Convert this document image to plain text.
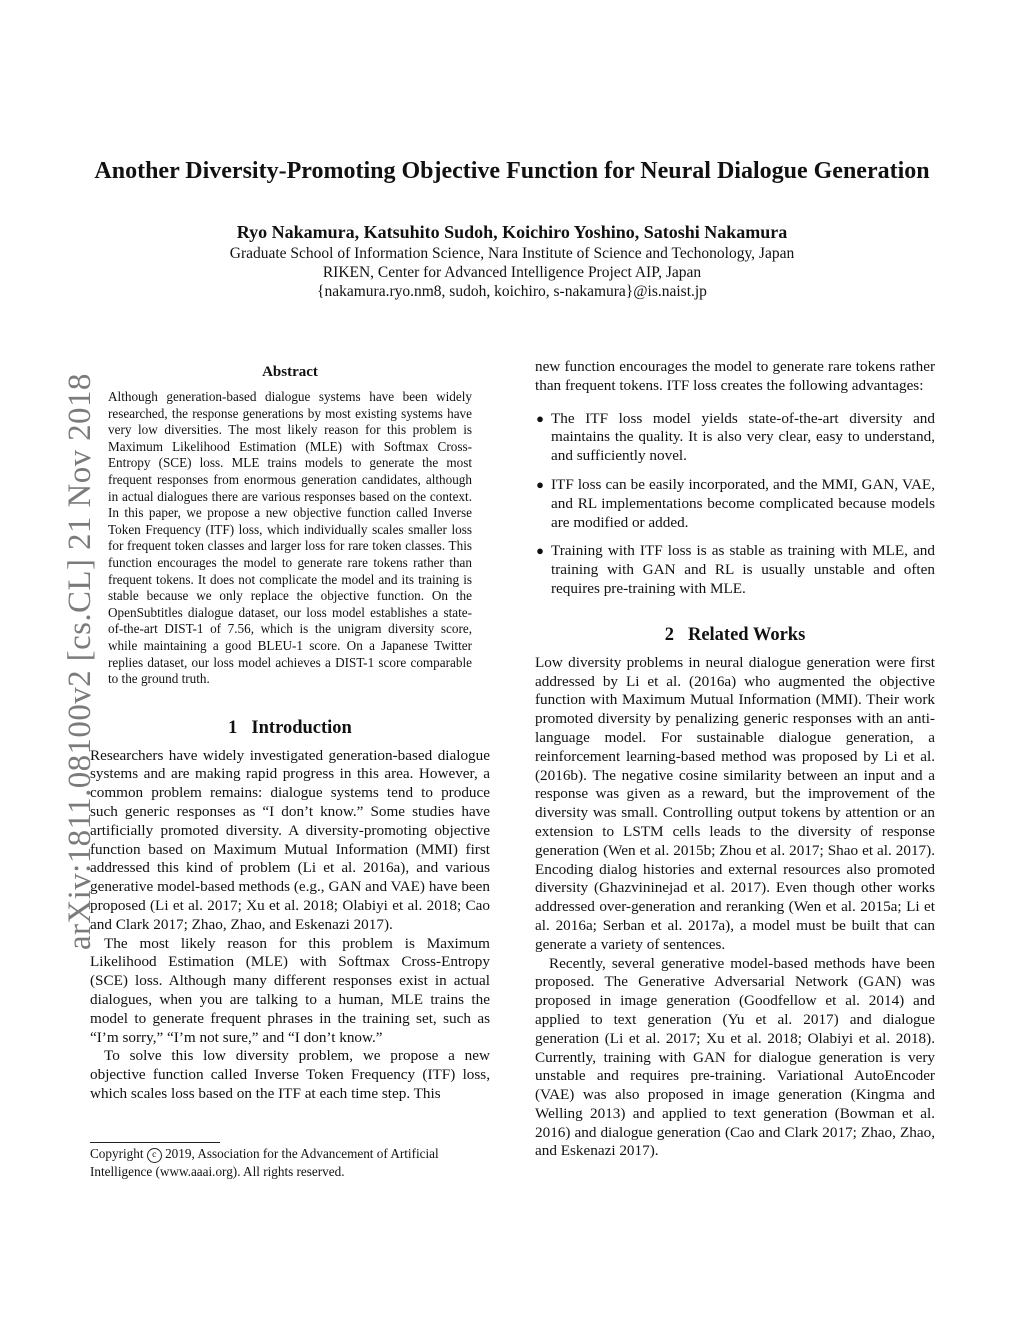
arXiv:1811.08100v2 [cs.CL] 21 Nov 2018
Another Diversity-Promoting Objective Function for Neural Dialogue Generation
Ryo Nakamura, Katsuhito Sudoh, Koichiro Yoshino, Satoshi Nakamura
Graduate School of Information Science, Nara Institute of Science and Techonology, Japan
RIKEN, Center for Advanced Intelligence Project AIP, Japan
{nakamura.ryo.nm8, sudoh, koichiro, s-nakamura}@is.naist.jp

Abstract

Although generation-based dialogue systems have been widely researched, the response generations by most existing systems have very low diversities. The most likely reason for this problem is Maximum Likelihood Estimation (MLE) with Softmax Cross-Entropy (SCE) loss. MLE trains models to generate the most frequent responses from enormous generation candidates, although in actual dialogues there are various responses based on the context. In this paper, we propose a new objective function called Inverse Token Frequency (ITF) loss, which individually scales smaller loss for frequent token classes and larger loss for rare token classes. This function encourages the model to generate rare tokens rather than frequent tokens. It does not complicate the model and its training is stable because we only replace the objective function. On the OpenSubtitles dialogue dataset, our loss model establishes a state-of-the-art DIST-1 of 7.56, which is the unigram diversity score, while maintaining a good BLEU-1 score. On a Japanese Twitter replies dataset, our loss model achieves a DIST-1 score comparable to the ground truth.

1 Introduction

Researchers have widely investigated generation-based dialogue systems and are making rapid progress in this area. However, a common problem remains: dialogue systems tend to produce such generic responses as “I don’t know.” Some studies have artificially promoted diversity. A diversity-promoting objective function based on Maximum Mutual Information (MMI) first addressed this kind of problem (Li et al. 2016a), and various generative model-based methods (e.g., GAN and VAE) have been proposed (Li et al. 2017; Xu et al. 2018; Olabiyi et al. 2018; Cao and Clark 2017; Zhao, Zhao, and Eskenazi 2017).

The most likely reason for this problem is Maximum Likelihood Estimation (MLE) with Softmax Cross-Entropy (SCE) loss. Although many different responses exist in actual dialogues, when you are talking to a human, MLE trains the model to generate frequent phrases in the training set, such as “I’m sorry,” “I’m not sure,” and “I don’t know.”

To solve this low diversity problem, we propose a new objective function called Inverse Token Frequency (ITF) loss, which scales loss based on the ITF at each time step. This

Copyright c 2019, Association for the Advancement of Artificial Intelligence (www.aaai.org). All rights reserved.

new function encourages the model to generate rare tokens rather than frequent tokens. ITF loss creates the following advantages:

● The ITF loss model yields state-of-the-art diversity and maintains the quality. It is also very clear, easy to understand, and sufficiently novel.
● ITF loss can be easily incorporated, and the MMI, GAN, VAE, and RL implementations become complicated because models are modified or added.
● Training with ITF loss is as stable as training with MLE, and training with GAN and RL is usually unstable and often requires pre-training with MLE.

2 Related Works

Low diversity problems in neural dialogue generation were first addressed by Li et al. (2016a) who augmented the objective function with Maximum Mutual Information (MMI). Their work promoted diversity by penalizing generic responses with an anti-language model. For sustainable dialogue generation, a reinforcement learning-based method was proposed by Li et al. (2016b). The negative cosine similarity between an input and a response was given as a reward, but the improvement of the diversity was small. Controlling output tokens by attention or an extension to LSTM cells leads to the diversity of response generation (Wen et al. 2015b; Zhou et al. 2017; Shao et al. 2017). Encoding dialog histories and external resources also promoted diversity (Ghazvininejad et al. 2017). Even though other works addressed over-generation and reranking (Wen et al. 2015a; Li et al. 2016a; Serban et al. 2017a), a model must be built that can generate a variety of sentences.

Recently, several generative model-based methods have been proposed. The Generative Adversarial Network (GAN) was proposed in image generation (Goodfellow et al. 2014) and applied to text generation (Yu et al. 2017) and dialogue generation (Li et al. 2017; Xu et al. 2018; Olabiyi et al. 2018). Currently, training with GAN for dialogue generation is very unstable and requires pre-training. Variational AutoEncoder (VAE) was also proposed in image generation (Kingma and Welling 2013) and applied to text generation (Bowman et al. 2016) and dialogue generation (Cao and Clark 2017; Zhao, Zhao, and Eskenazi 2017).
